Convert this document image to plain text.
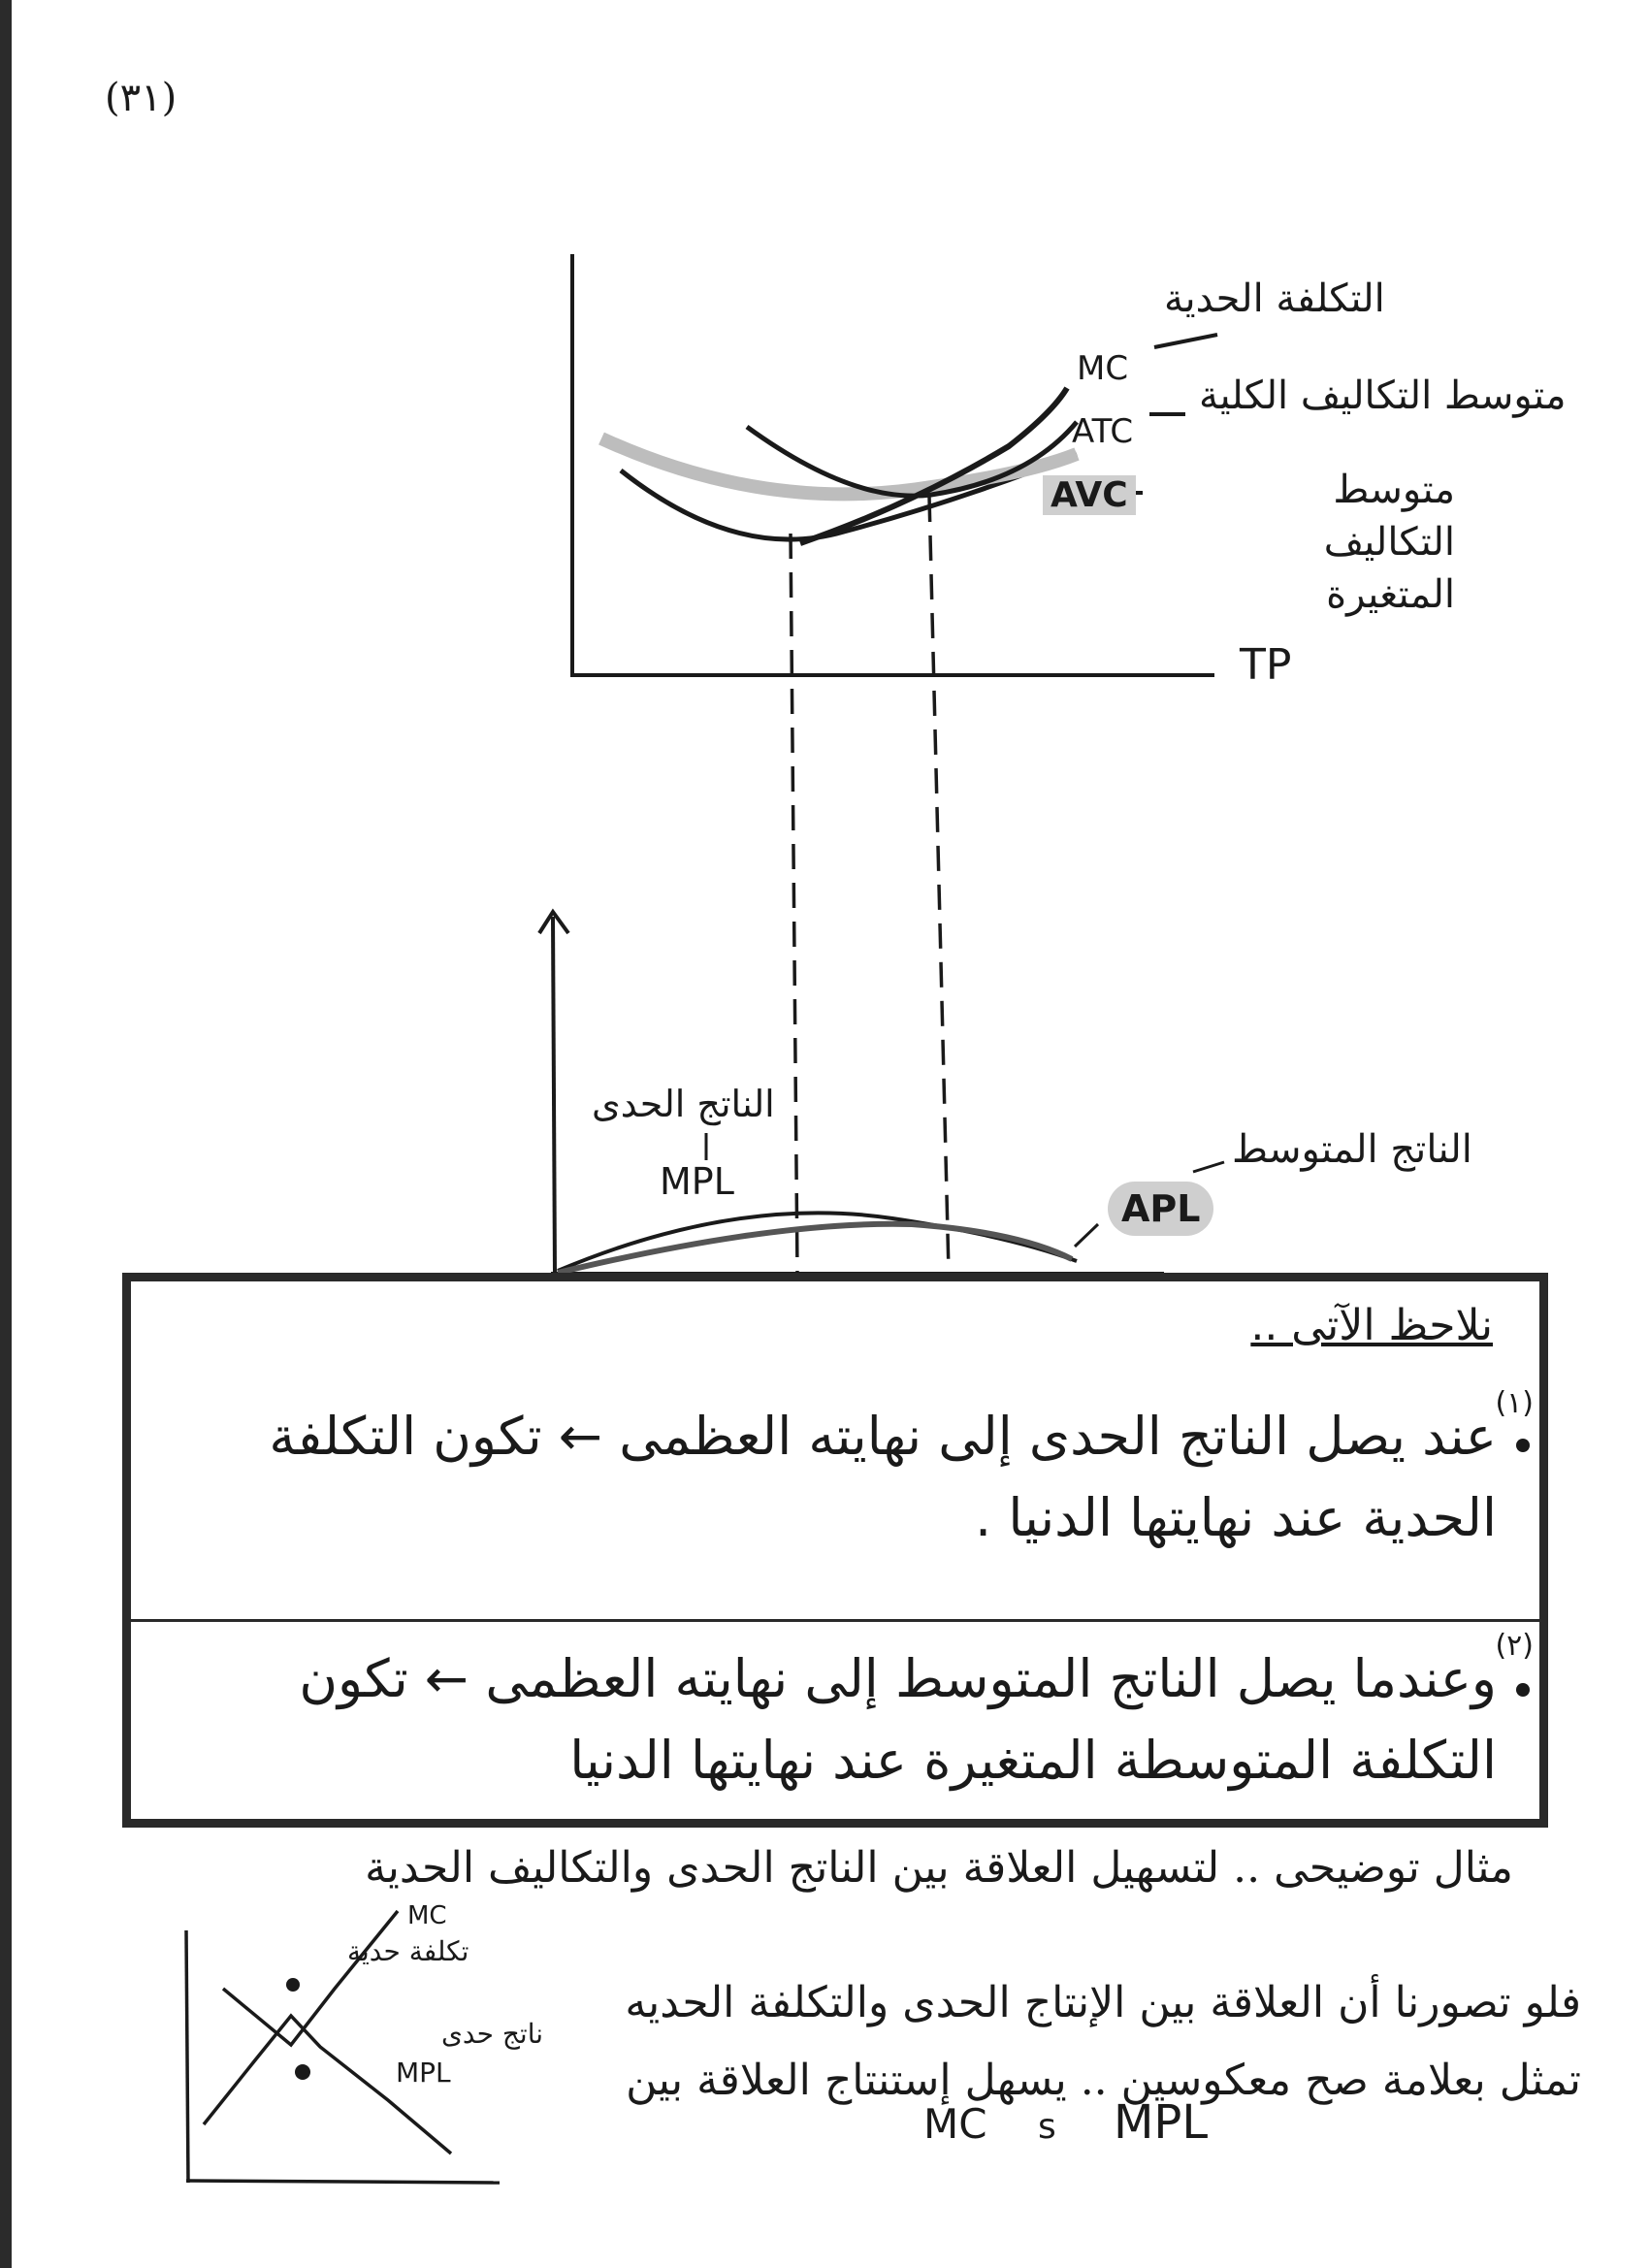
(٣١)
MC
التكلفة الحدية
ATC
متوسط التكاليف الكلية
AVC	متوسط التكاليف المتغيرة
TP
الناتج الحدى
MPL
APL
الناتج المتوسط
نلاحظ الآتى ..
(١)
عند يصل الناتج الحدى إلى نهايته العظمى ← تكون التكلفة الحدية عند نهايتها الدنيا .
(٢)
وعندما يصل الناتج المتوسط إلى نهايته العظمى ← تكون التكلفة المتوسطة المتغيرة عند نهايتها الدنيا
مثال توضيحى .. لتسهيل العلاقة بين الناتج الحدى والتكاليف الحدية
فلو تصورنا أن العلاقة بين الإنتاج الحدى والتكلفة الحديه تمثل بعلامة صح معكوسين .. يسهل إستنتاج العلاقة بين
MC s MPL
MC
تكلفة حدية
ناتج حدى
MPL
